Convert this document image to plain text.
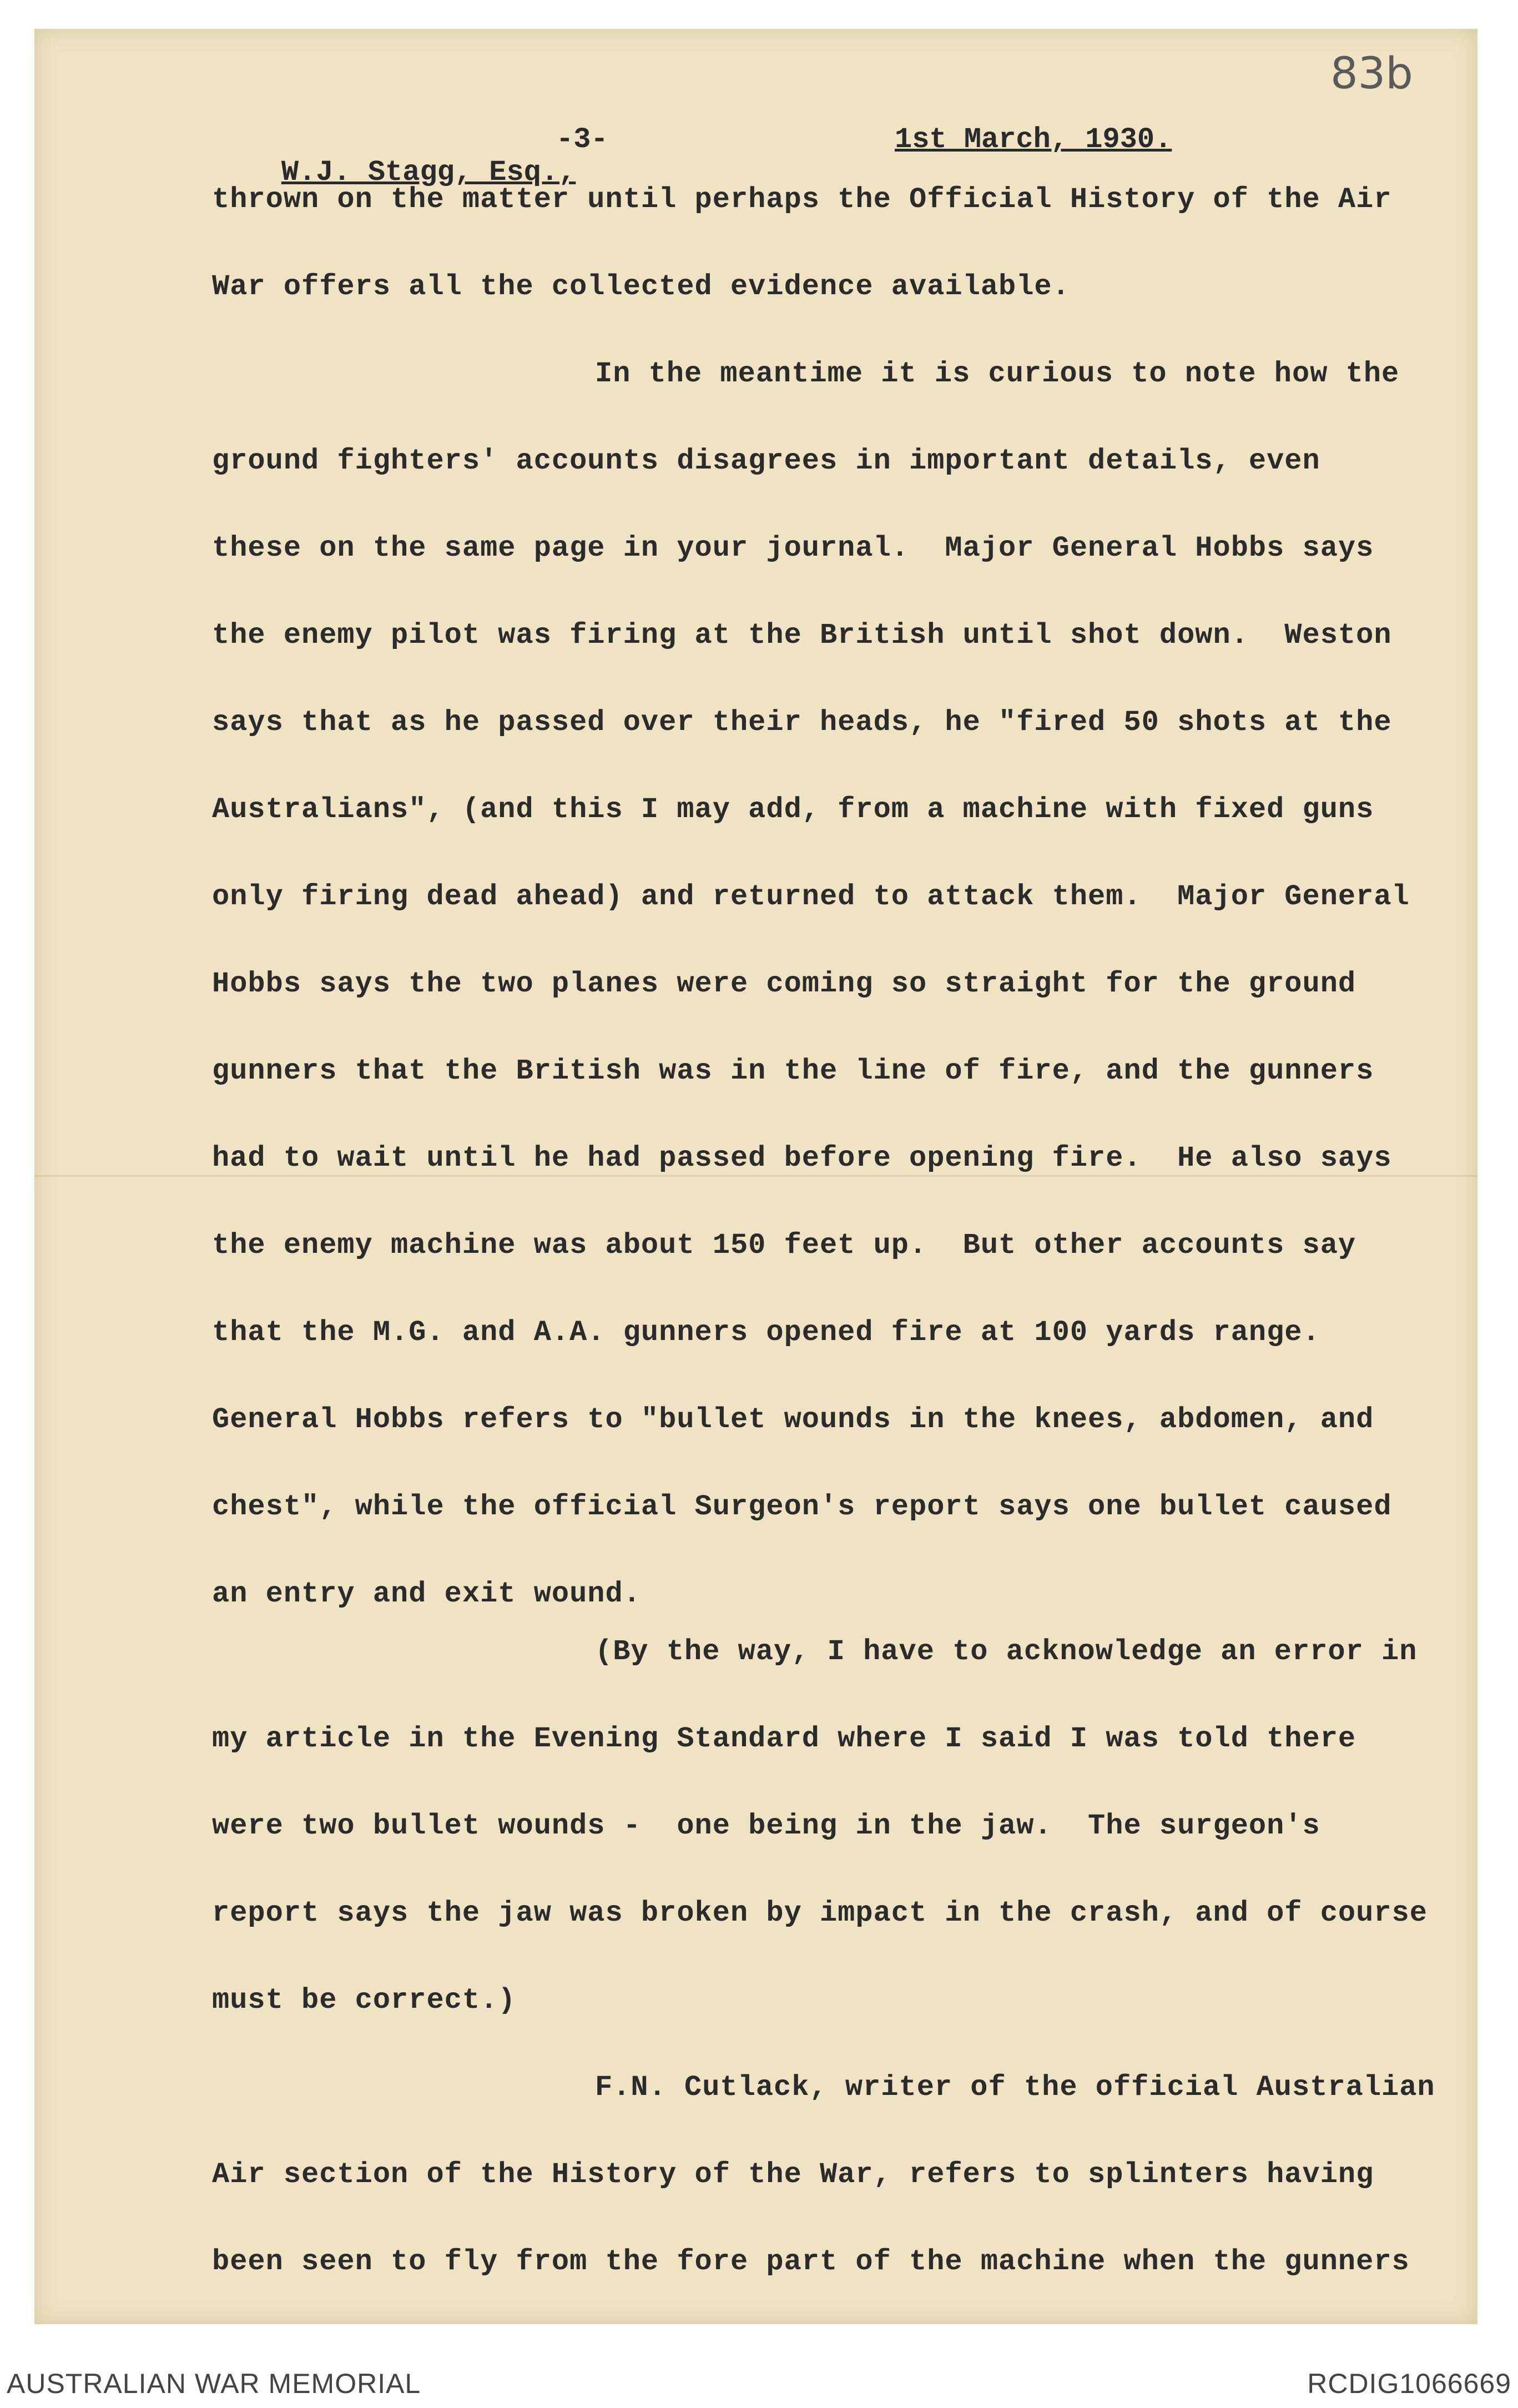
83b

W.J. Stagg, Esq.,

-3-

	1st March, 1930.

thrown on the matter until perhaps the Official History of the Air
War offers all the collected evidence available.
In the meantime it is curious to note how the
ground fighters' accounts disagrees in important details, even
these on the same page in your journal.  Major General Hobbs says
the enemy pilot was firing at the British until shot down.  Weston
says that as he passed over their heads, he "fired 50 shots at the
Australians", (and this I may add, from a machine with fixed guns
only firing dead ahead) and returned to attack them.  Major General
Hobbs says the two planes were coming so straight for the ground
gunners that the British was in the line of fire, and the gunners
had to wait until he had passed before opening fire.  He also says
the enemy machine was about 150 feet up.  But other accounts say
that the M.G. and A.A. gunners opened fire at 100 yards range.
General Hobbs refers to "bullet wounds in the knees, abdomen, and
chest", while the official Surgeon's report says one bullet caused
an entry and exit wound.
(By the way, I have to acknowledge an error in
my article in the Evening Standard where I said I was told there
were two bullet wounds -  one being in the jaw.  The surgeon's
report says the jaw was broken by impact in the crash, and of course
must be correct.)
F.N. Cutlack, writer of the official Australian
Air section of the History of the War, refers to splinters having
been seen to fly from the fore part of the machine when the gunners
AUSTRALIAN WAR MEMORIAL	RCDIG1066669
